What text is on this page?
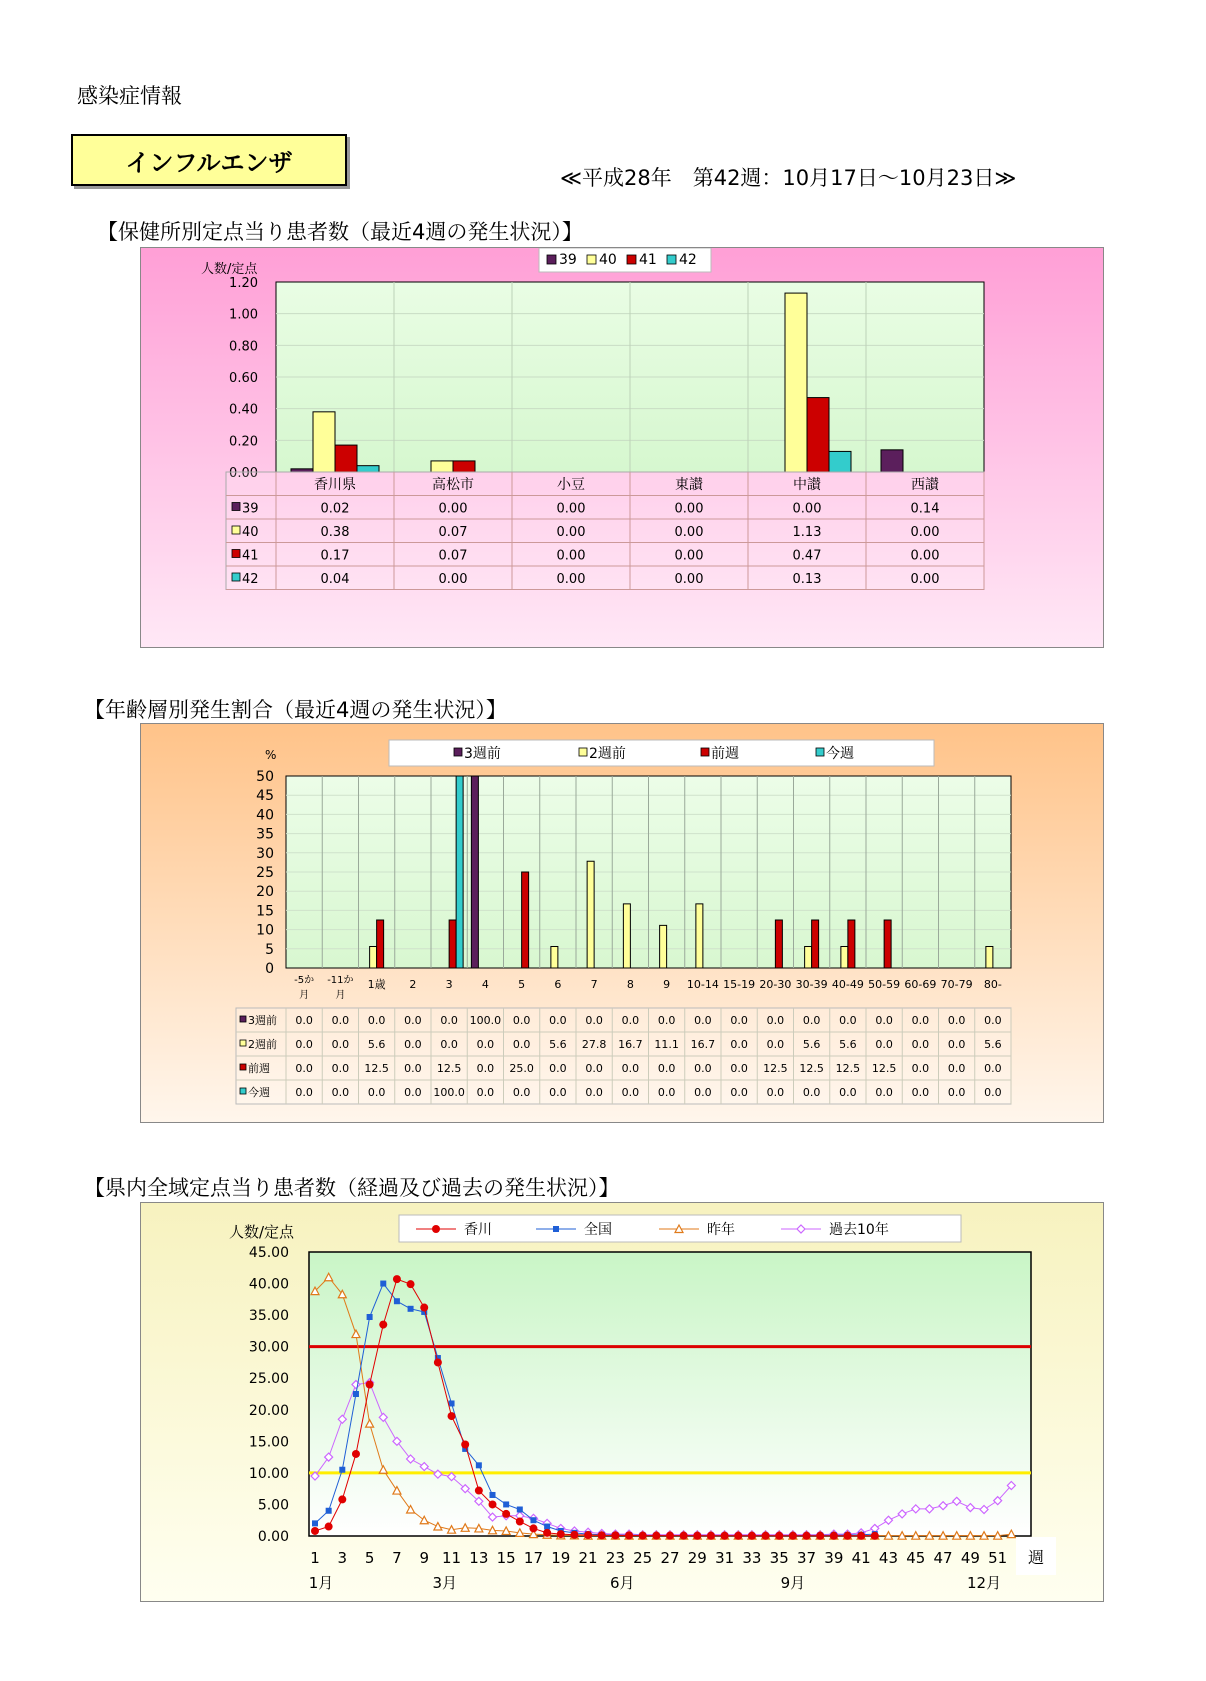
感染症情報
インフルエンザ
≪平成28年　第42週：10月17日～10月23日≫
【保健所別定点当り患者数（最近4週の発生状況）】
39 40 41 42
人数/定点
0.20
0.40
0.60
0.80
1.00
1.20
香川県	高松市	小豆	東讃	中讃	西讃
39	0.02	0.00	0.00	0.00	0.00	0.14
40	0.38	0.07	0.00	0.00	1.13	0.00
41	0.17	0.07	0.00	0.00	0.47	0.00
42	0.04	0.00	0.00	0.00	0.13	0.00
【年齢層別発生割合（最近4週の発生状況）】
3週前	2週前	前週	今週
%
0
5
10
15
20
25
30
35
40
45
50
-5か月
-11か月
1歳 2	3	4	5	6	7	8	9 10-14 15-19 20-30 30-39 40-49 50-59 60-69 70-79 80-
3週前 0.0 0.0 0.0 0.0 0.0 100.0 0.0 0.0 0.0 0.0 0.0 0.0 0.0 0.0 0.0 0.0 0.0 0.0 0.0 0.0
2週前 0.0 0.0 5.6 0.0 0.0 0.0 0.0 5.6 27.8 16.7 11.1 16.7 0.0 0.0 5.6 5.6 0.0 0.0 0.0 5.6
前週 0.0 0.0 12.5 0.0 12.5 0.0 25.0 0.0 0.0 0.0 0.0 0.0 0.0 12.5 12.5 12.5 12.5 0.0 0.0 0.0
今週 0.0 0.0 0.0 0.0 100.0 0.0 0.0 0.0 0.0 0.0 0.0 0.0 0.0 0.0 0.0 0.0 0.0 0.0 0.0 0.0
【県内全域定点当り患者数（経過及び過去の発生状況）】
香川	全国	昨年	過去10年
人数/定点
0.00
5.00
10.00
15.00
20.00
25.00
30.00
35.00
40.00
45.00
1 3 5 7 9 11 13 15 17 19 21 23 25 27 29 31 33 35 37 39 41 43 45 47 49 51
1月	3月	6月	9月	12月
週
